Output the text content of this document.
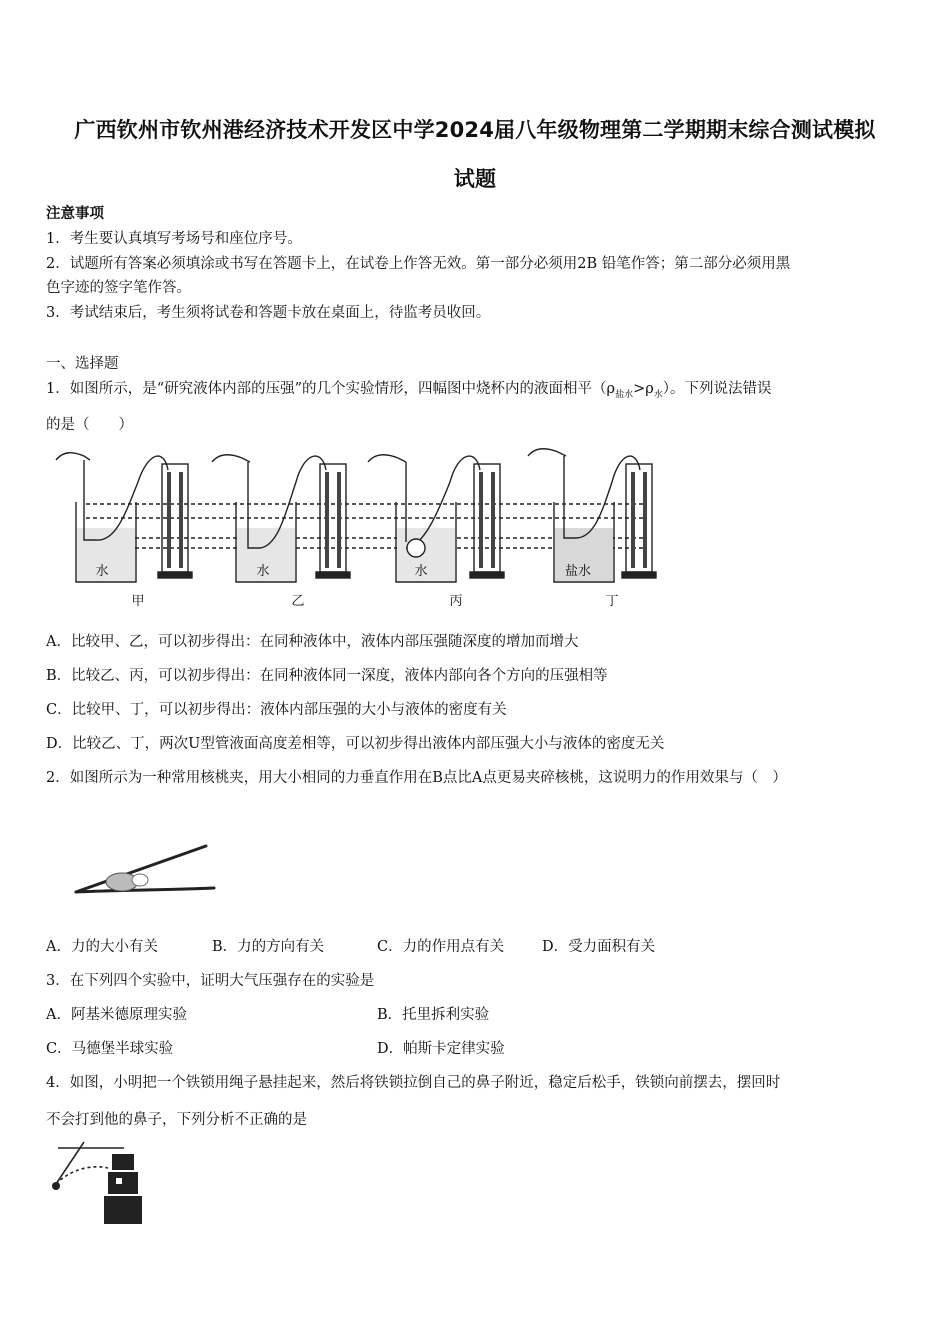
广西钦州市钦州港经济技术开发区中学2024届八年级物理第二学期期末综合测试模拟
试题
注意事项
1．考生要认真填写考场号和座位序号。
2．试题所有答案必须填涂或书写在答题卡上，在试卷上作答无效。第一部分必须用2B 铅笔作答；第二部分必须用黑
色字迹的签字笔作答。
3．考试结束后，考生须将试卷和答题卡放在桌面上，待监考员收回。
一、选择题
1．如图所示，是“研究液体内部的压强”的几个实验情形，四幅图中烧杯内的液面相平$(\rho_{盐水}>\rho_水)$。下列说法错误
的是（　　）
水	水	水	盐水
甲	乙	丙	丁
A．比较甲、乙，可以初步得出：在同种液体中，液体内部压强随深度的增加而增大
B．比较乙、丙，可以初步得出：在同种液体同一深度，液体内部向各个方向的压强相等
C．比较甲、丁，可以初步得出：液体内部压强的大小与液体的密度有关
D．比较乙、丁，两次U型管液面高度差相等，可以初步得出液体内部压强大小与液体的密度无关
2．如图所示为一种常用核桃夹，用大小相同的力垂直作用在B点比A点更易夹碎核桃，这说明力的作用效果与（　）
A．力的大小有关	B．力的方向有关	C．力的作用点有关	D．受力面积有关
3．在下列四个实验中，证明大气压强存在的实验是
A．阿基米德原理实验	B．托里拆利实验
C．马德堡半球实验	D．帕斯卡定律实验
4．如图，小明把一个铁锁用绳子悬挂起来，然后将铁锁拉倒自己的鼻子附近，稳定后松手，铁锁向前摆去，摆回时
不会打到他的鼻子，下列分析不正确的是
